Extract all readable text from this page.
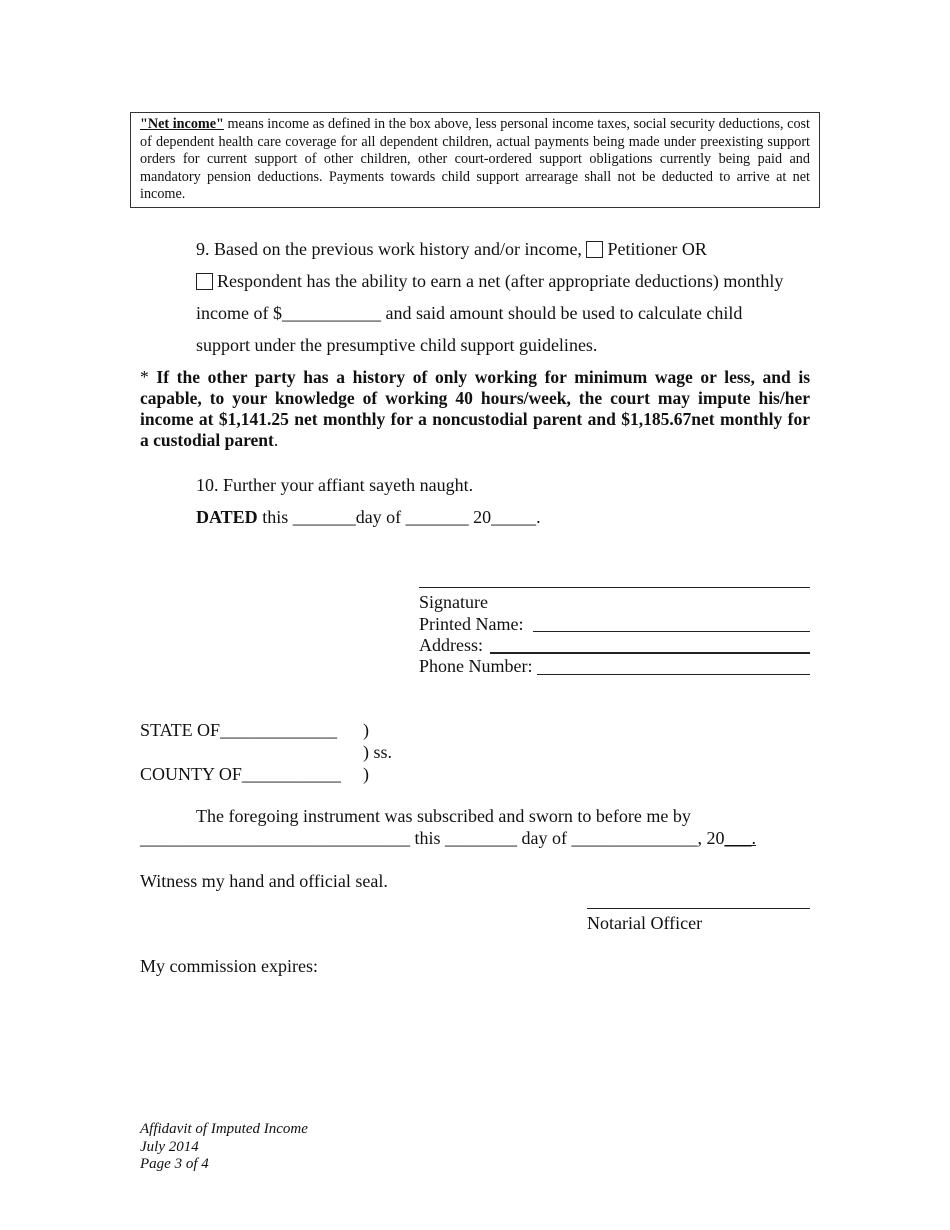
"Net income" means income as defined in the box above, less personal income taxes, social security deductions, cost of dependent health care coverage for all dependent children, actual payments being made under preexisting support orders for current support of other children, other court-ordered support obligations currently being paid and mandatory pension deductions. Payments towards child support arrearage shall not be deducted to arrive at net income.
9. Based on the previous work history and/or income, Petitioner OR
Respondent has the ability to earn a net (after appropriate deductions) monthly
income of $___________ and said amount should be used to calculate child
support under the presumptive child support guidelines.
* If the other party has a history of only working for minimum wage or less, and is capable, to your knowledge of working 40 hours/week, the court may impute his/her income at $1,141.25 net monthly for a noncustodial parent and $1,185.67net monthly for a custodial parent.
10. Further your affiant sayeth naught.
DATED this _______day of _______ 20_____.
Signature
Printed Name:
Address:
Phone Number:
STATE OF_____________ )
) ss.
COUNTY OF___________ )
The foregoing instrument was subscribed and sworn to before me by
______________________________ this ________ day of ______________, 20___.
Witness my hand and official seal.
Notarial Officer
My commission expires:
Affidavit of Imputed Income
July 2014
Page 3 of 4
